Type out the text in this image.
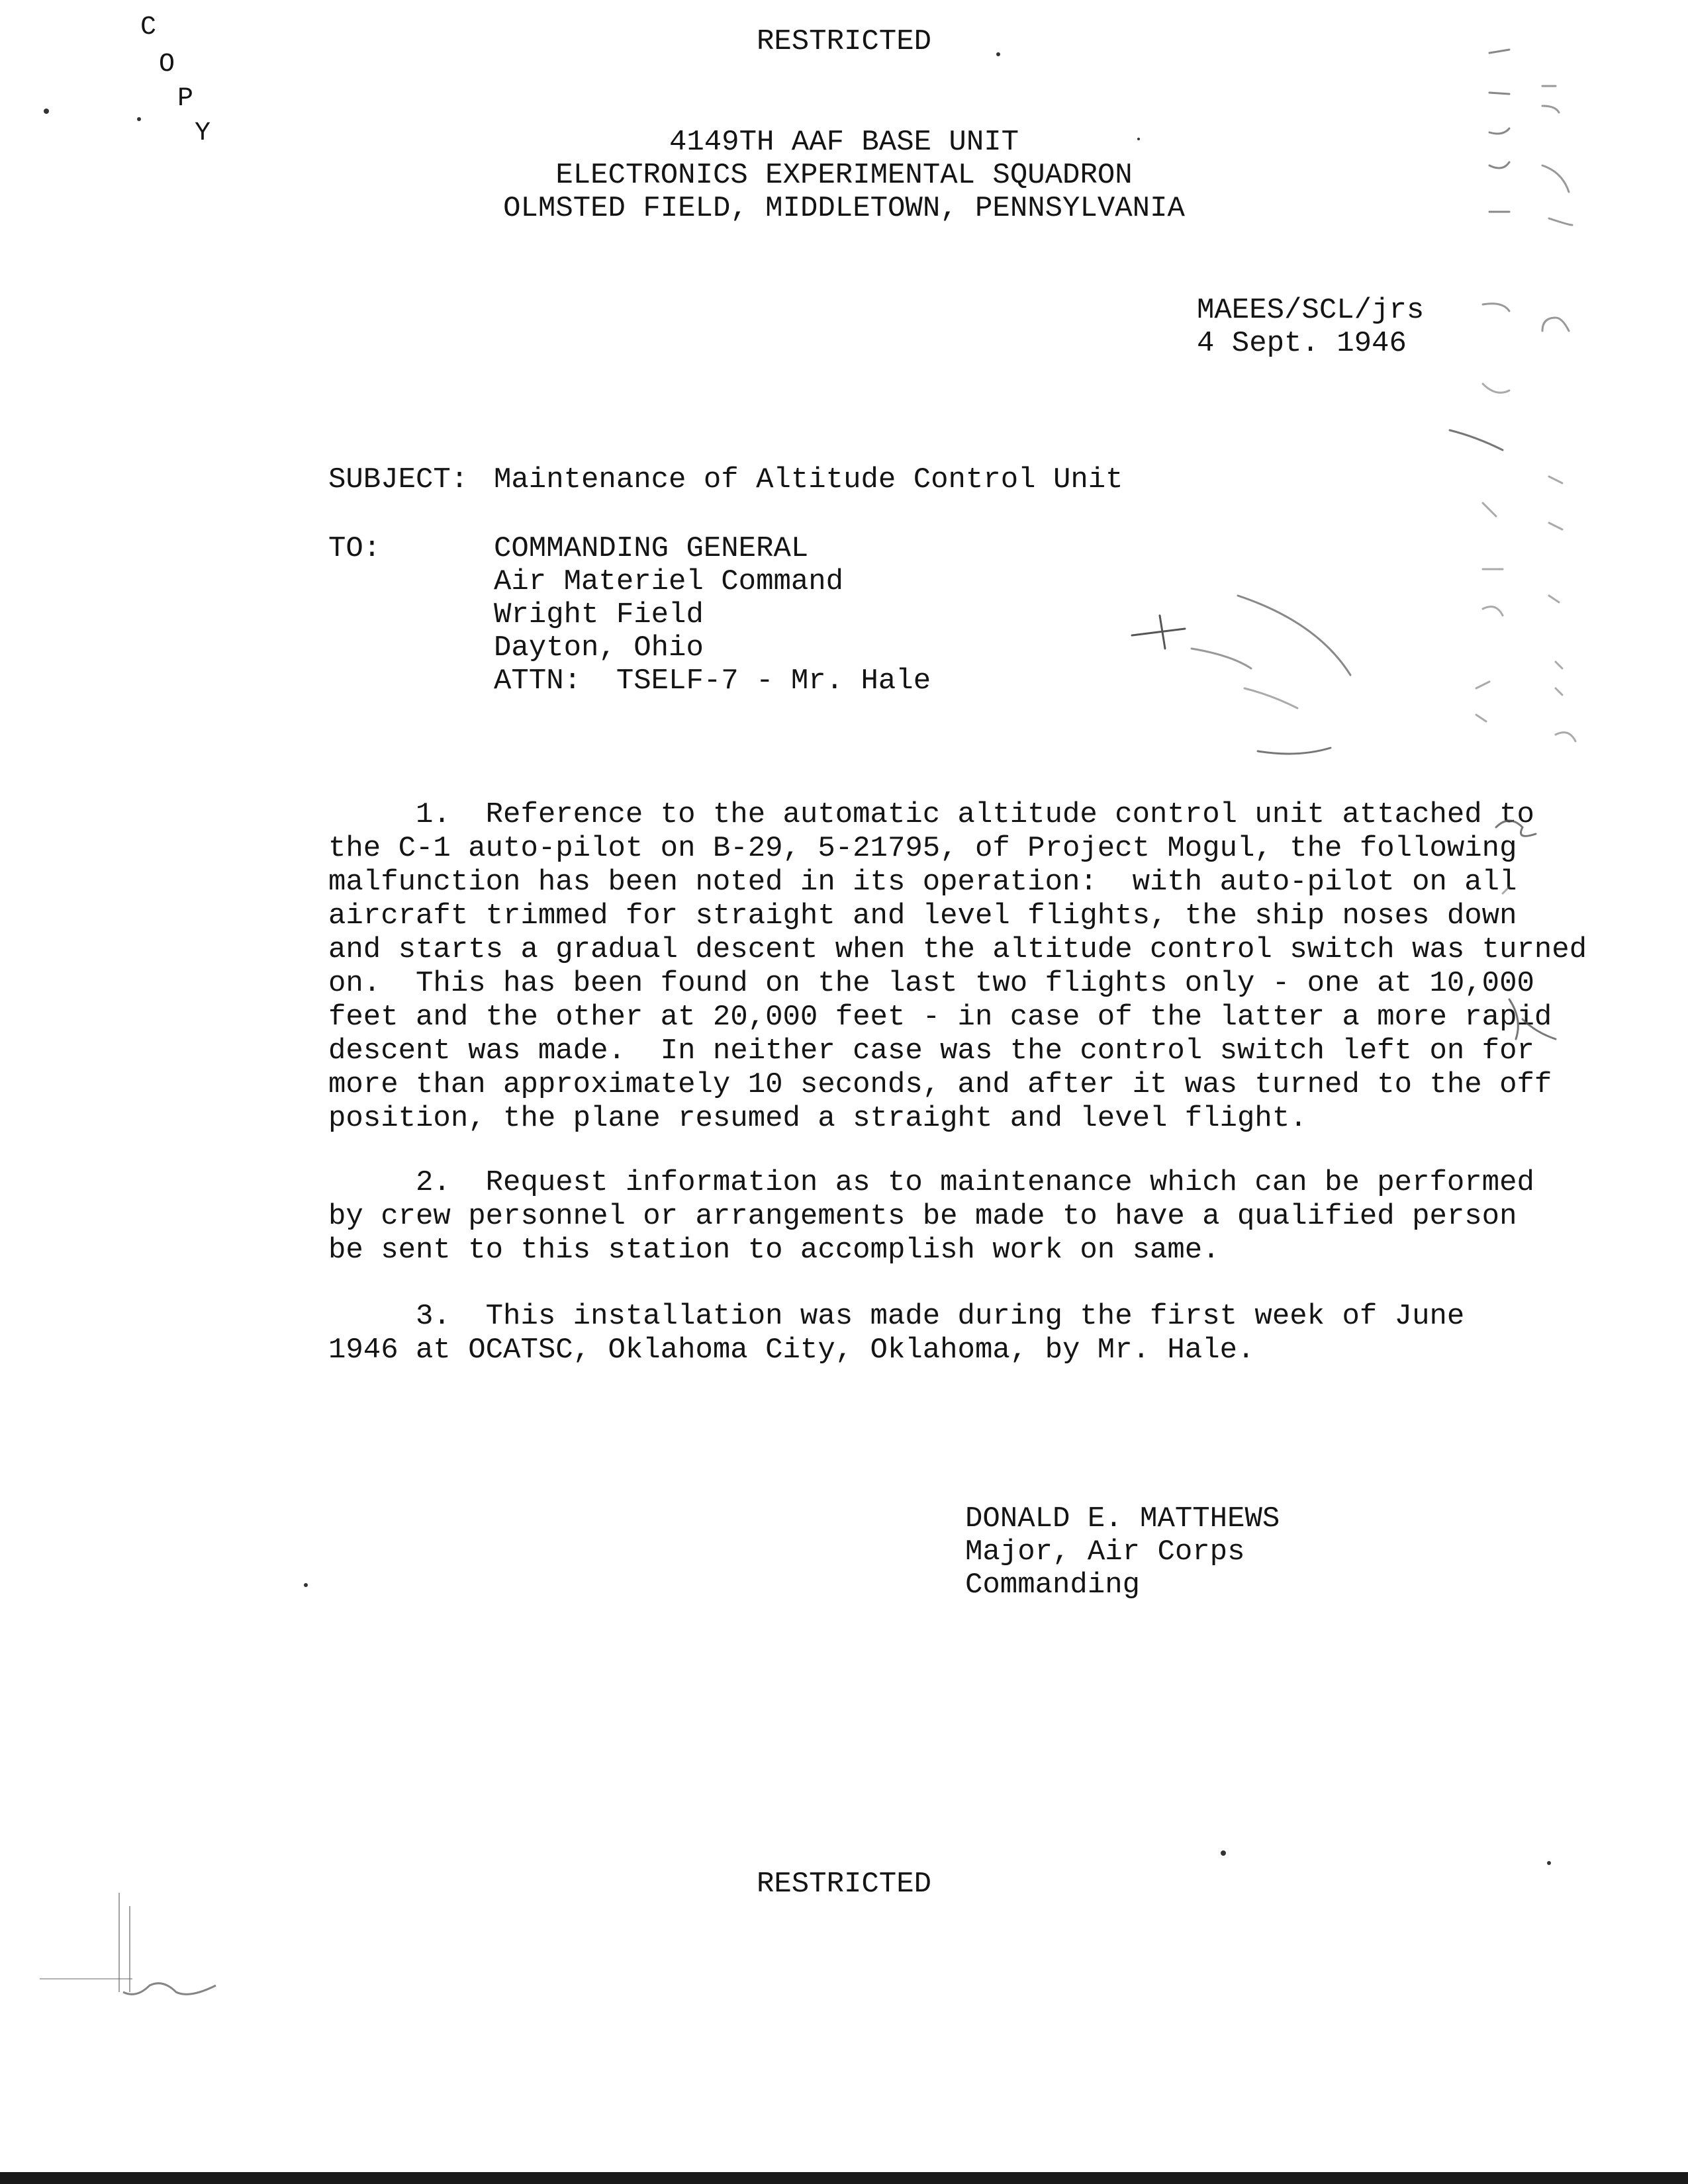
C
O
P
Y
RESTRICTED
4149TH AAF BASE UNIT
ELECTRONICS EXPERIMENTAL SQUADRON
OLMSTED FIELD, MIDDLETOWN, PENNSYLVANIA
MAEES/SCL/jrs
4 Sept. 1946
SUBJECT: Maintenance of Altitude Control Unit
TO:	COMMANDING GENERAL
Air Materiel Command
Wright Field
Dayton, Ohio
ATTN:  TSELF-7 - Mr. Hale
1.  Reference to the automatic altitude control unit attached to
the C-1 auto-pilot on B-29, 5-21795, of Project Mogul, the following
malfunction has been noted in its operation:  with auto-pilot on all
aircraft trimmed for straight and level flights, the ship noses down
and starts a gradual descent when the altitude control switch was turned
on.  This has been found on the last two flights only - one at 10,000
feet and the other at 20,000 feet - in case of the latter a more rapid
descent was made.  In neither case was the control switch left on for
more than approximately 10 seconds, and after it was turned to the off
position, the plane resumed a straight and level flight.
2.  Request information as to maintenance which can be performed
by crew personnel or arrangements be made to have a qualified person
be sent to this station to accomplish work on same.
3.  This installation was made during the first week of June
1946 at OCATSC, Oklahoma City, Oklahoma, by Mr. Hale.
DONALD E. MATTHEWS
Major, Air Corps
Commanding
RESTRICTED
